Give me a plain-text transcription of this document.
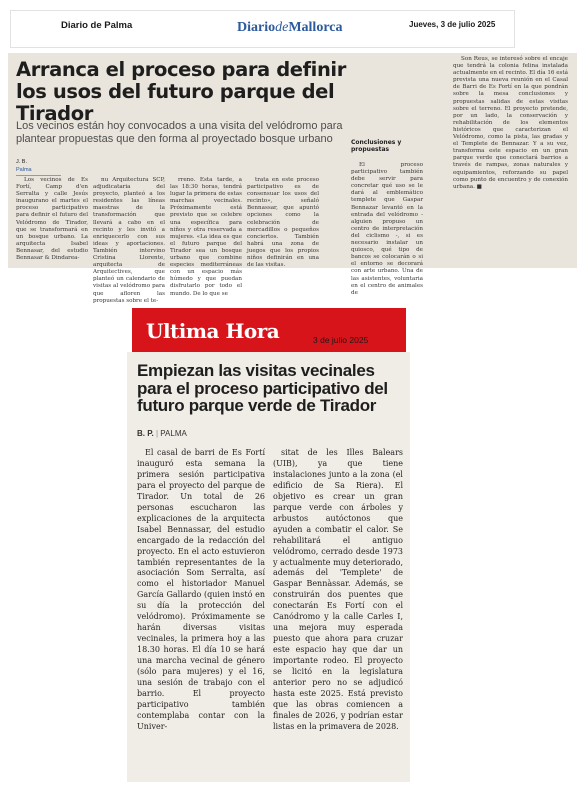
Diario de Palma	DiariodeMallorca	Jueves, 3 de julio 2025
Arranca el proceso para definir los usos del futuro parque del Tirador
Los vecinos están hoy convocados a una visita del velódromo para plantear propuestas que den forma al proyectado bosque urbano
J. B.
Palma

Los vecinos de Es Fortí, Camp d'en Serralta y calle Jesús inaugurano el martes el proceso participativo para definir el futuro del Velódromo de Tirador, que se transformará en un bosque urbano. La arquitecta Isabel Bennasar, del estudio Bennasar & Dindarea-

nu Arquitectura SCP, adjudicataria del proyecto, planteó a los residentes las líneas maestras de la transformación que llevará a cabo en el recinto y les invitó a enriquecerlo con sus ideas y aportaciones. También intervino Cristina Llorente, arquitecta de Arquitectives, que planteó un calendario de visitas al velódromo para que afloren las propuestas sobre el te-

rreno. Esta tarde, a las 18:30 horas, tendrá lugar la primera de estas marchas vecinales. Próximamente está previsto que se celebre una específica para niños y otra reservada a mujeres. «La idea es que el futuro parque del Tirador sea un bosque urbano que combine especies mediterráneas con un espacio más húmedo y que puedan disfrutarlo por todo el mundo. De lo que se

trata en este proceso participativo es de consensuar los usos del recinto», señaló Bennassar, que apuntó opciones como la celebración de mercadillos o pequeños conciertos. También habrá una zona de juegos que los propios niños definirán en una de las visitas.

Conclusiones y propuestas

El proceso participativo también debe servir para concretar qué uso se le dará al emblemático templete que Gaspar Bennazar levantó en la entrada del velódromo - alguien propuso un centro de interpretación del ciclismo -, si es necesario instalar un quiosco, qué tipo de bancos se colocarán o si el entorno se decorará con arte urbano. Una de las asistentes, voluntaria en el centro de animales de

Son Reus, se interesó sobre el encaje que tendrá la colonia felina instalada actualmente en el recinto. El día 16 está prevista una nueva reunión en el Casal de Barri de Es Fortí en la que pondrán sobre la mesa conclusiones y propuestas salidas de estas visitas sobre el terreno. El proyecto pretende, por un lado, la conservación y rehabilitación de los elementos históricos que caracterizan el Velódromo, como la pista, las gradas y el Templete de Bennazar. Y a su vez, transforma este espacio en un gran parque verde que conectará barrios a través de rampas, zonas naturales y equipamientos, reforzando su papel como punto de encuentro y de conexión urbana. ■

Ultima Hora	3 de julio 2025
Empiezan las visitas vecinales para el proceso participativo del futuro parque verde de Tirador
B. P. | PALMA

El casal de barri de Es Fortí inauguró esta semana la primera sesión participativa para el proyecto del parque de Tirador. Un total de 26 personas escucharon las explicaciones de la arquitecta Isabel Bennassar, del estudio encargado de la redacción del proyecto. En el acto estuvieron también representantes de la asociación Som Serralta, así como el historiador Manuel García Gallardo (quien instó en su día la protección del velódromo). Próximamente se harán diversas visitas vecinales, la primera hoy a las 18.30 horas. El día 10 se hará una marcha vecinal de género (sólo para mujeres) y el 16, una sesión de trabajo con el barrio. El proyecto participativo también contemplaba contar con la Univer-

sitat de les Illes Balears (UIB), ya que tiene instalaciones junto a la zona (el edificio de Sa Riera). El objetivo es crear un gran parque verde con árboles y arbustos autóctonos que ayuden a combatir el calor. Se rehabilitará el antiguo velódromo, cerrado desde 1973 y actualmente muy deteriorado, además del 'Templete' de Gaspar Bennàssar. Además, se construirán dos puentes que conectarán Es Fortí con el Canódromo y la calle Carles I, una mejora muy esperada puesto que ahora para cruzar este espacio hay que dar un importante rodeo. El proyecto se licitó en la legislatura anterior pero no se adjudicó hasta este 2025. Está previsto que las obras comiencen a finales de 2026, y podrían estar listas en la primavera de 2028.
